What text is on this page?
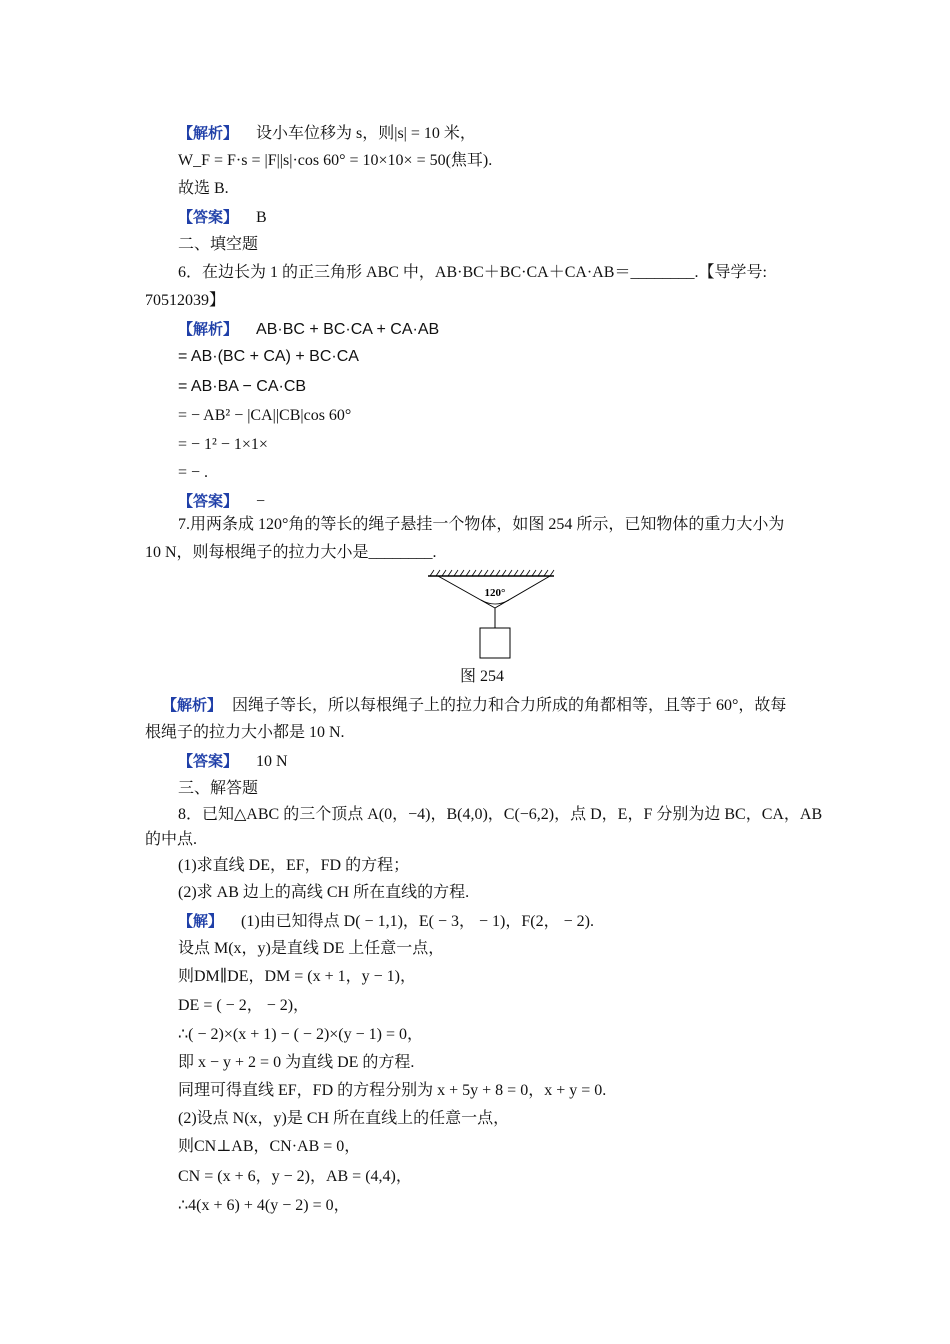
【解析】 设小车位移为 s，则|s| = 10 米，
W_F = F·s = |F||s|·cos 60° = 10×10× = 50(焦耳).
故选 B.
【答案】 B
二、填空题
6．在边长为 1 的正三角形 ABC 中，AB·BC＋BC·CA＋CA·AB＝________.【导学号:
70512039】
【解析】 AB·BC + BC·CA + CA·AB
= AB·(BC + CA) + BC·CA
= AB·BA − CA·CB
= − AB² − |CA||CB|cos 60°
= − 1² − 1×1×
= − .
【答案】 −
7.用两条成 120°角的等长的绳子悬挂一个物体，如图 254 所示，已知物体的重力大小为
10 N，则每根绳子的拉力大小是________.
120°
图 254
【解析】 因绳子等长，所以每根绳子上的拉力和合力所成的角都相等，且等于 60°，故每
根绳子的拉力大小都是 10 N.
【答案】 10 N
三、解答题
8．已知△ABC 的三个顶点 A(0，−4)，B(4,0)，C(−6,2)，点 D，E，F 分别为边 BC，CA，AB
的中点.
(1)求直线 DE，EF，FD 的方程；
(2)求 AB 边上的高线 CH 所在直线的方程.
【解】 (1)由已知得点 D( − 1,1)，E( − 3， − 1)，F(2， − 2).
设点 M(x，y)是直线 DE 上任意一点，
则DM∥DE，DM = (x + 1，y − 1)，
DE = ( − 2， − 2)，
∴( − 2)×(x + 1) − ( − 2)×(y − 1) = 0，
即 x − y + 2 = 0 为直线 DE 的方程.
同理可得直线 EF，FD 的方程分别为 x + 5y + 8 = 0，x + y = 0.
(2)设点 N(x，y)是 CH 所在直线上的任意一点，
则CN⊥AB，CN·AB = 0，
CN = (x + 6，y − 2)，AB = (4,4)，
∴4(x + 6) + 4(y − 2) = 0，
